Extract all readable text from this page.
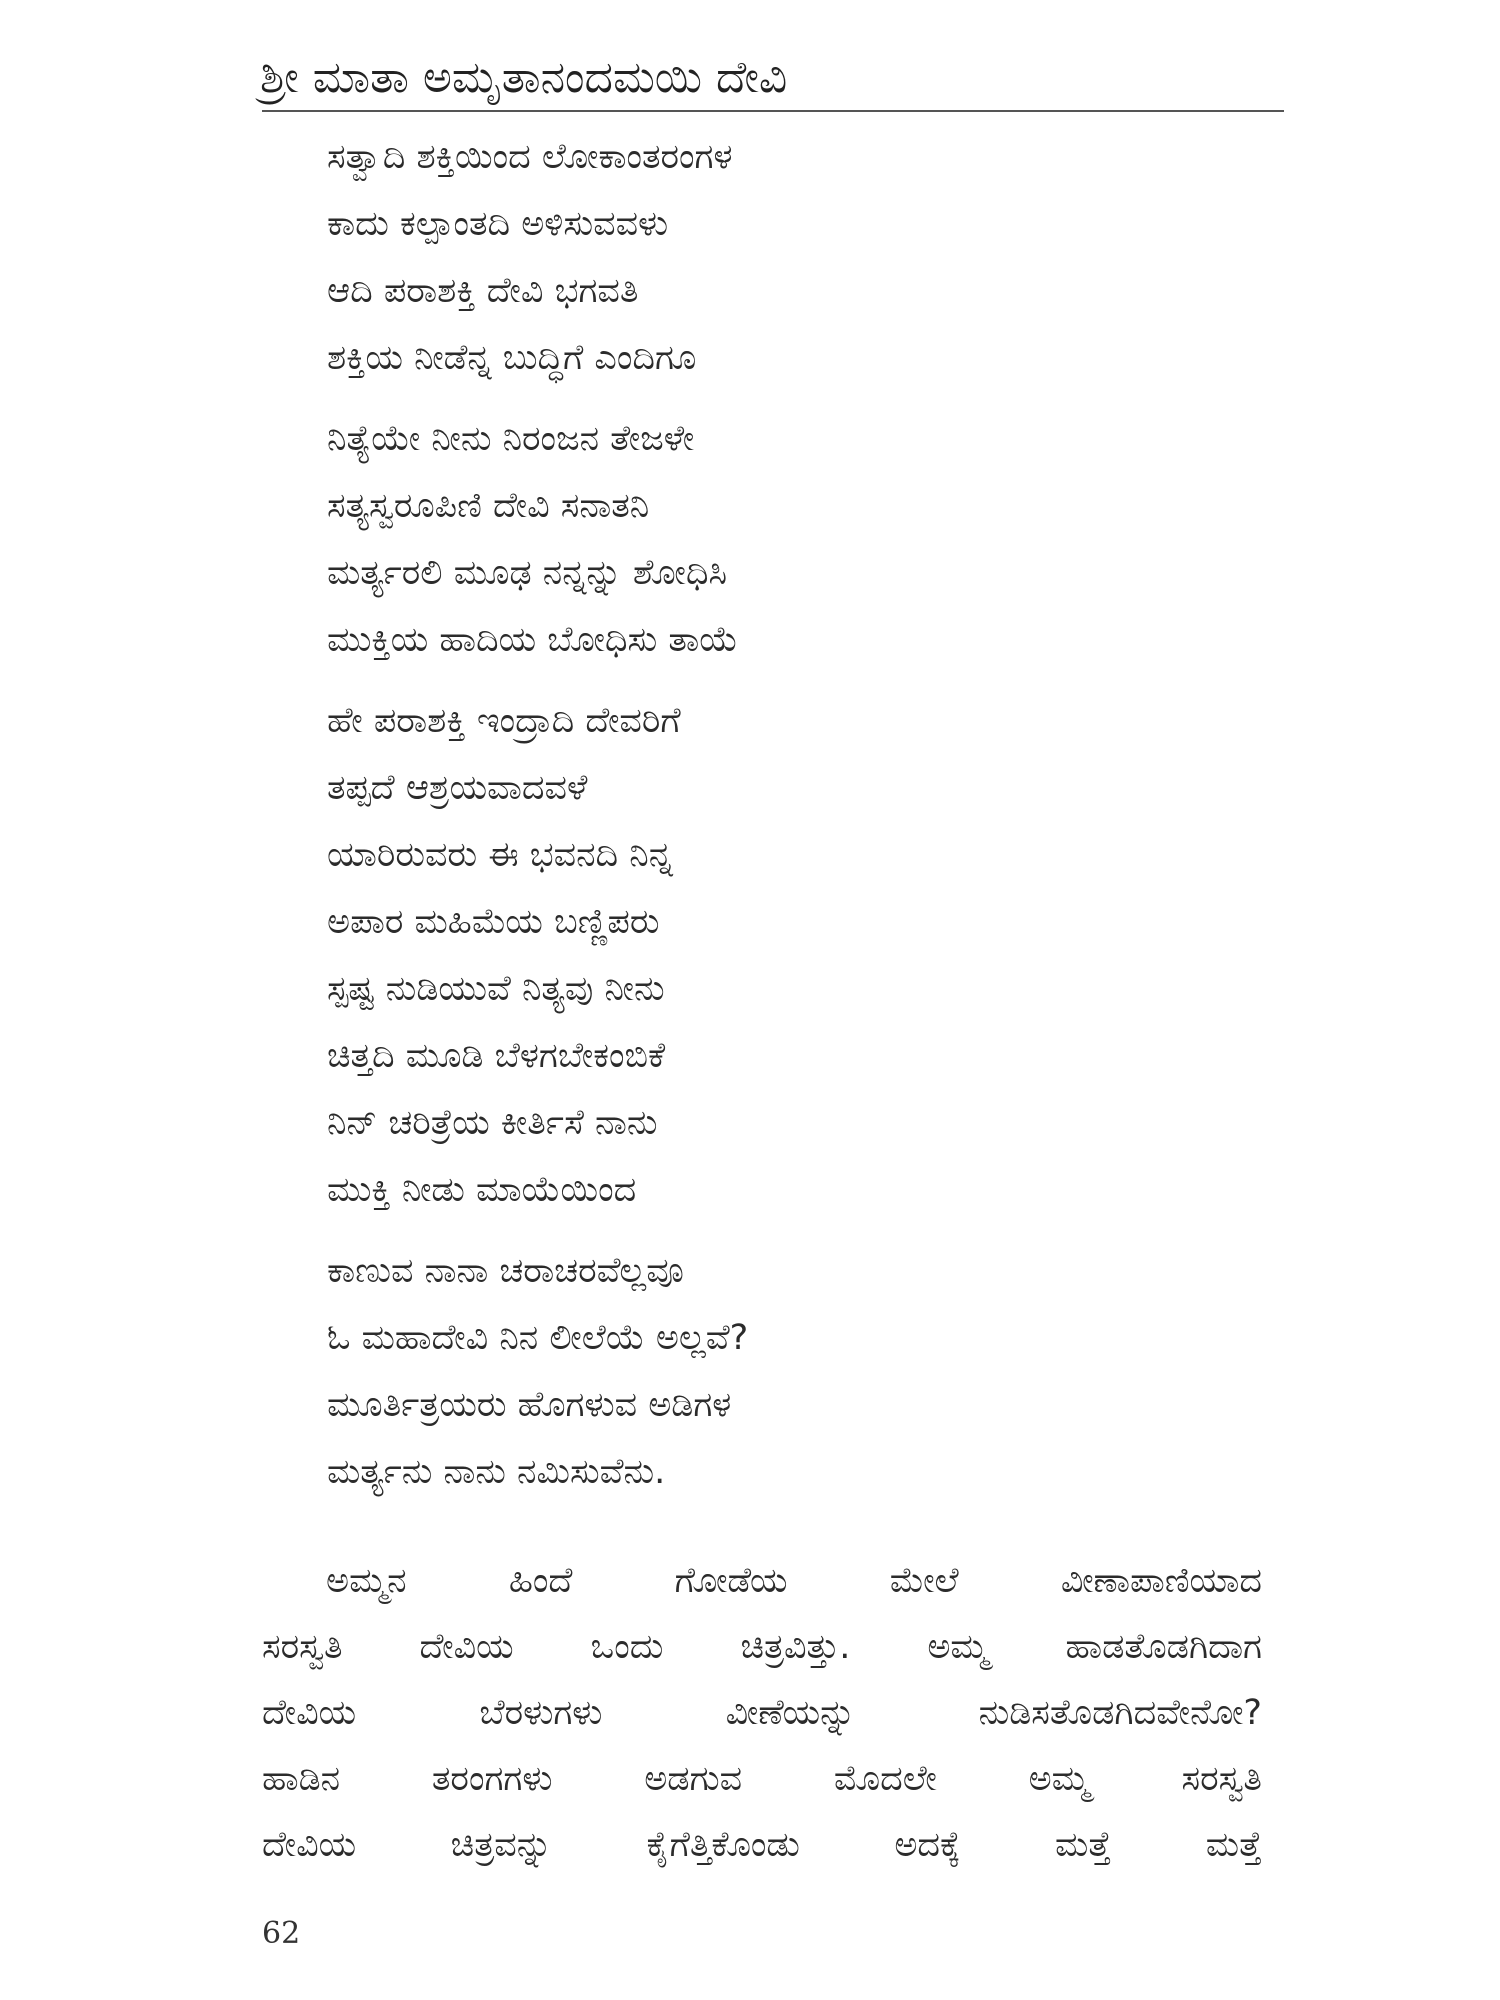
ಶ್ರೀ ಮಾತಾ ಅಮೃತಾನಂದಮಯಿ ದೇವಿ
ಸತ್ವಾದಿ ಶಕ್ತಿಯಿಂದ ಲೋಕಾಂತರಂಗಳ
ಕಾದು ಕಲ್ಪಾಂತದಿ ಅಳಿಸುವವಳು
ಆದಿ ಪರಾಶಕ್ತಿ ದೇವಿ ಭಗವತಿ
ಶಕ್ತಿಯ ನೀಡೆನ್ನ ಬುದ್ಧಿಗೆ ಎಂದಿಗೂ
ನಿತ್ಯೆಯೇ ನೀನು ನಿರಂಜನ ತೇಜಳೇ
ಸತ್ಯಸ್ವರೂಪಿಣಿ ದೇವಿ ಸನಾತನಿ
ಮರ್ತ್ಯರಲಿ ಮೂಢ ನನ್ನನ್ನು ಶೋಧಿಸಿ
ಮುಕ್ತಿಯ ಹಾದಿಯ ಬೋಧಿಸು ತಾಯೆ
ಹೇ ಪರಾಶಕ್ತಿ ಇಂದ್ರಾದಿ ದೇವರಿಗೆ
ತಪ್ಪದೆ ಆಶ್ರಯವಾದವಳೆ
ಯಾರಿರುವರು ಈ ಭವನದಿ ನಿನ್ನ
ಅಪಾರ ಮಹಿಮೆಯ ಬಣ್ಣಿಪರು
ಸ್ಪಷ್ಟ ನುಡಿಯುವೆ ನಿತ್ಯವು ನೀನು
ಚಿತ್ತದಿ ಮೂಡಿ ಬೆಳಗಬೇಕಂಬಿಕೆ
ನಿನ್ ಚರಿತ್ರೆಯ ಕೀರ್ತಿಸೆ ನಾನು
ಮುಕ್ತಿ ನೀಡು ಮಾಯೆಯಿಂದ
ಕಾಣುವ ನಾನಾ ಚರಾಚರವೆಲ್ಲವೂ
ಓ ಮಹಾದೇವಿ ನಿನ ಲೀಲೆಯೆ ಅಲ್ಲವೆ?
ಮೂರ್ತಿತ್ರಯರು ಹೊಗಳುವ ಅಡಿಗಳ
ಮರ್ತ್ಯನು ನಾನು ನಮಿಸುವೆನು.
ಅಮ್ಮನ ಹಿಂದೆ ಗೋಡೆಯ ಮೇಲೆ ವೀಣಾಪಾಣಿಯಾದ
ಸರಸ್ವತಿ ದೇವಿಯ ಒಂದು ಚಿತ್ರವಿತ್ತು. ಅಮ್ಮ ಹಾಡತೊಡಗಿದಾಗ
ದೇವಿಯ ಬೆರಳುಗಳು ವೀಣೆಯನ್ನು ನುಡಿಸತೊಡಗಿದವೇನೋ?
ಹಾಡಿನ ತರಂಗಗಳು ಅಡಗುವ ಮೊದಲೇ ಅಮ್ಮ ಸರಸ್ವತಿ
ದೇವಿಯ ಚಿತ್ರವನ್ನು ಕೈಗೆತ್ತಿಕೊಂಡು ಅದಕ್ಕೆ ಮತ್ತೆ ಮತ್ತೆ
62
